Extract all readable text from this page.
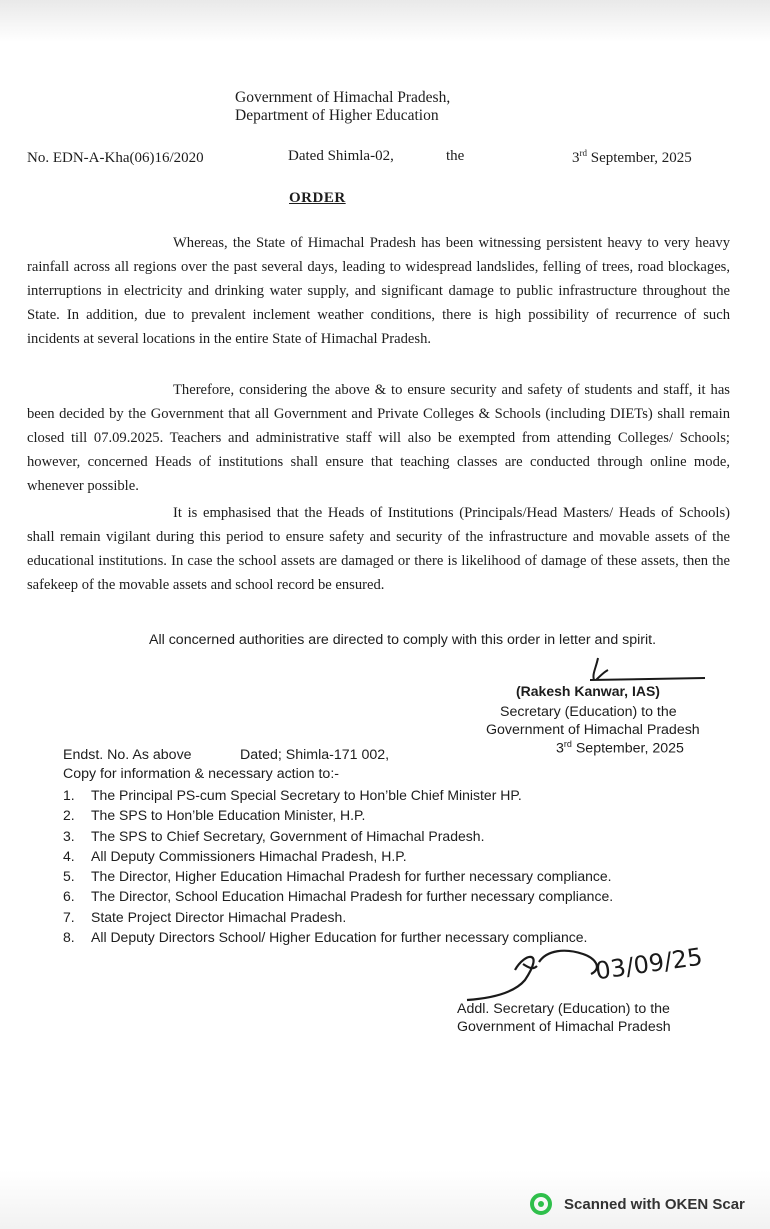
Government of Himachal Pradesh,
Department of Higher Education
No. EDN-A-Kha(06)16/2020	Dated Shimla-02,	the	3rd September, 2025
ORDER
Whereas, the State of Himachal Pradesh has been witnessing persistent heavy to very heavy rainfall across all regions over the past several days, leading to widespread landslides, felling of trees, road blockages, interruptions in electricity and drinking water supply, and significant damage to public infrastructure throughout the State. In addition, due to prevalent inclement weather conditions, there is high possibility of recurrence of such incidents at several locations in the entire State of Himachal Pradesh.
Therefore, considering the above & to ensure security and safety of students and staff, it has been decided by the Government that all Government and Private Colleges & Schools (including DIETs) shall remain closed till 07.09.2025. Teachers and administrative staff will also be exempted from attending Colleges/ Schools; however, concerned Heads of institutions shall ensure that teaching classes are conducted through online mode, whenever possible.
It is emphasised that the Heads of Institutions (Principals/Head Masters/ Heads of Schools) shall remain vigilant during this period to ensure safety and security of the infrastructure and movable assets of the educational institutions. In case the school assets are damaged or there is likelihood of damage of these assets, then the safekeep of the movable assets and school record be ensured.
All concerned authorities are directed to comply with this order in letter and spirit.
(Rakesh Kanwar, IAS)
Secretary (Education) to the
Government of Himachal Pradesh
3rd September, 2025
Endst. No. As above	Dated; Shimla-171 002,
Copy for information & necessary action to:-
1. The Principal PS-cum Special Secretary to Hon’ble Chief Minister HP.
2. The SPS to Hon’ble Education Minister, H.P.
3. The SPS to Chief Secretary, Government of Himachal Pradesh.
4. All Deputy Commissioners Himachal Pradesh, H.P.
5. The Director, Higher Education Himachal Pradesh for further necessary compliance.
6. The Director, School Education Himachal Pradesh for further necessary compliance.
7. State Project Director Himachal Pradesh.
8. All Deputy Directors School/ Higher Education for further necessary compliance.
03/09/25
Addl. Secretary (Education) to the
Government of Himachal Pradesh
Scanned with OKEN Scar
